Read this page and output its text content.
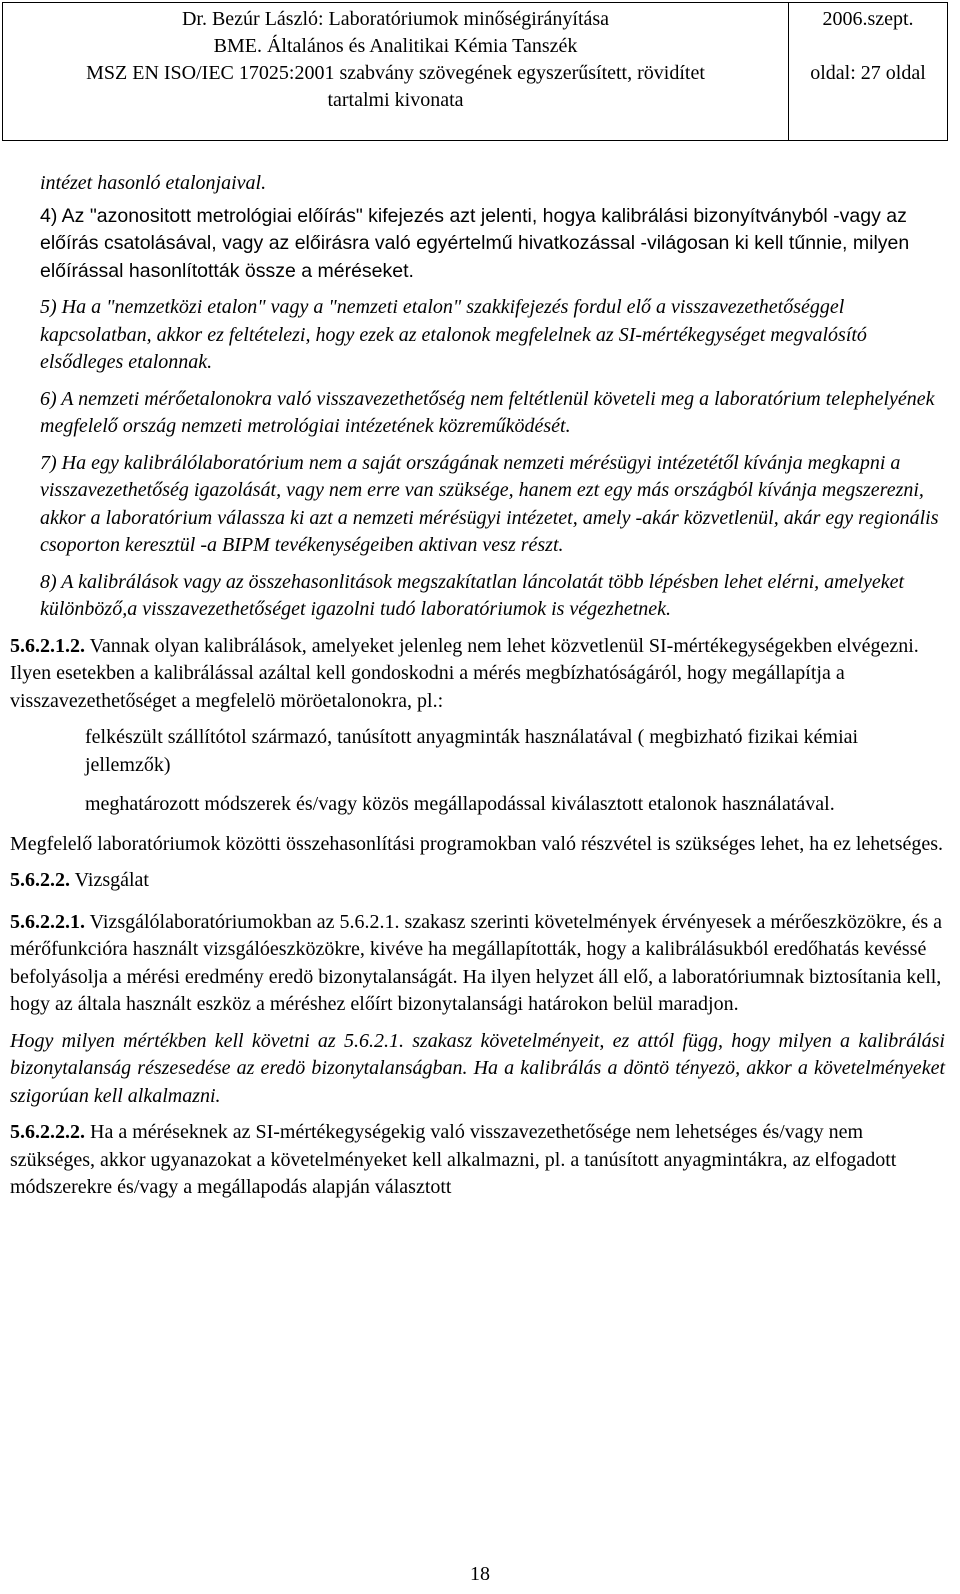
Dr. Bezúr László: Laboratóriumok minőségirányítása
BME. Általános és Analitikai Kémia Tanszék
MSZ EN ISO/IEC 17025:2001 szabvány szövegének egyszerűsített, rövidítet
tartalmi kivonata
2006.szept.
oldal: 27 oldal

intézet hasonló etalonjaival.

4) Az "azonositott metrológiai előírás" kifejezés azt jelenti, hogya kalibrálási bizonyítványból -vagy az előírás csatolásával, vagy az előirásra való egyértelmű hivatkozással -világosan ki kell tűnnie, milyen előírással hasonlították össze a méréseket.

5) Ha a "nemzetközi etalon" vagy a "nemzeti etalon" szakkifejezés fordul elő a visszavezethetőséggel kapcsolatban, akkor ez feltételezi, hogy ezek az etalonok megfelelnek az SI-mértékegységet megvalósító elsődleges etalonnak.

6) A nemzeti mérőetalonokra való visszavezethetőség nem feltétlenül követeli meg a laboratórium telephelyének megfelelő ország nemzeti metrológiai intézetének közreműködését.

7) Ha egy kalibrálólaboratórium nem a saját országának nemzeti mérésügyi intézetétől kívánja megkapni a visszavezethetőség igazolását, vagy nem erre van szüksége, hanem ezt egy más országból kívánja megszerezni, akkor a laboratórium válassza ki azt a nemzeti mérésügyi intézetet, amely -akár közvetlenül, akár egy regionális csoporton keresztül -a BIPM tevékenységeiben aktivan vesz részt.

8) A kalibrálások vagy az összehasonlitások megszakítatlan láncolatát több lépésben lehet elérni, amelyeket különböző,a visszavezethetőséget igazolni tudó laboratóriumok is végezhetnek.

5.6.2.1.2. Vannak olyan kalibrálások, amelyeket jelenleg nem lehet közvetlenül SI-mértékegységekben elvégezni. Ilyen esetekben a kalibrálással azáltal kell gondoskodni a mérés megbízhatóságáról, hogy megállapítja a visszavezethetőséget a megfelelö möröetalonokra, pl.:

felkészült szállítótol származó, tanúsított anyagminták használatával ( megbizható fizikai kémiai jellemzők)

meghatározott módszerek és/vagy közös megállapodással kiválasztott etalonok használatával.

Megfelelő laboratóriumok közötti összehasonlítási programokban való részvétel is szükséges lehet, ha ez lehetséges.

5.6.2.2. Vizsgálat

5.6.2.2.1. Vizsgálólaboratóriumokban az 5.6.2.1. szakasz szerinti követelmények érvényesek a mérőeszközökre, és a mérőfunkcióra használt vizsgálóeszközökre, kivéve ha megállapították, hogy a kalibrálásukból eredőhatás kevéssé befolyásolja a mérési eredmény eredö bizonytalanságát. Ha ilyen helyzet áll elő, a laboratóriumnak biztosítania kell, hogy az általa használt eszköz a méréshez előírt bizonytalansági határokon belül maradjon.

Hogy milyen mértékben kell követni az 5.6.2.1. szakasz követelményeit, ez attól függ, hogy milyen a kalibrálási bizonytalanság részesedése az eredö bizonytalanságban. Ha a kalibrálás a döntö tényezö, akkor a követelményeket szigorúan kell alkalmazni.

5.6.2.2.2. Ha a méréseknek az SI-mértékegységekig való visszavezethetősége nem lehetséges és/vagy nem szükséges, akkor ugyanazokat a követelményeket kell alkalmazni, pl. a tanúsított anyagmintákra, az elfogadott módszerekre és/vagy a megállapodás alapján választott

18
